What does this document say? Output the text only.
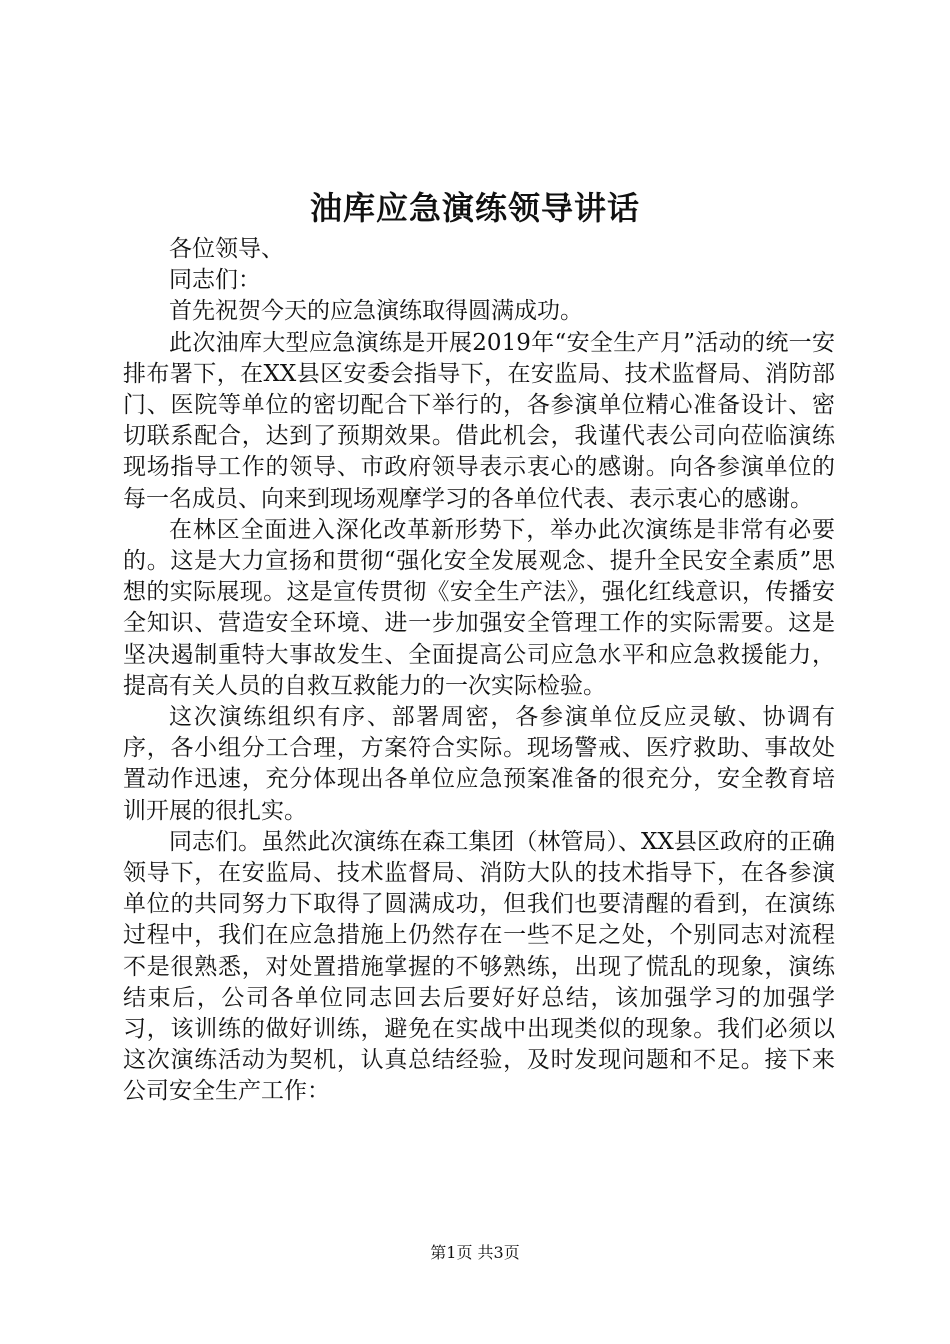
油库应急演练领导讲话

各位领导、

同志们：

首先祝贺今天的应急演练取得圆满成功。

此次油库大型应急演练是开展2019年“安全生产月”活动的统一安排布署下，在XX县区安委会指导下，在安监局、技术监督局、消防部门、医院等单位的密切配合下举行的，各参演单位精心准备设计、密切联系配合，达到了预期效果。借此机会，我谨代表公司向莅临演练现场指导工作的领导、市政府领导表示衷心的感谢。向各参演单位的每一名成员、向来到现场观摩学习的各单位代表、表示衷心的感谢。

在林区全面进入深化改革新形势下，举办此次演练是非常有必要的。这是大力宣扬和贯彻“强化安全发展观念、提升全民安全素质”思想的实际展现。这是宣传贯彻《安全生产法》，强化红线意识，传播安全知识、营造安全环境、进一步加强安全管理工作的实际需要。这是坚决遏制重特大事故发生、全面提高公司应急水平和应急救援能力，提高有关人员的自救互救能力的一次实际检验。

这次演练组织有序、部署周密，各参演单位反应灵敏、协调有序，各小组分工合理，方案符合实际。现场警戒、医疗救助、事故处置动作迅速，充分体现出各单位应急预案准备的很充分，安全教育培训开展的很扎实。

同志们。虽然此次演练在森工集团（林管局）、XX县区政府的正确领导下，在安监局、技术监督局、消防大队的技术指导下，在各参演单位的共同努力下取得了圆满成功，但我们也要清醒的看到，在演练过程中，我们在应急措施上仍然存在一些不足之处，个别同志对流程不是很熟悉，对处置措施掌握的不够熟练，出现了慌乱的现象，演练结束后，公司各单位同志回去后要好好总结，该加强学习的加强学习，该训练的做好训练，避免在实战中出现类似的现象。我们必须以这次演练活动为契机，认真总结经验，及时发现问题和不足。接下来公司安全生产工作：

第1页 共3页
